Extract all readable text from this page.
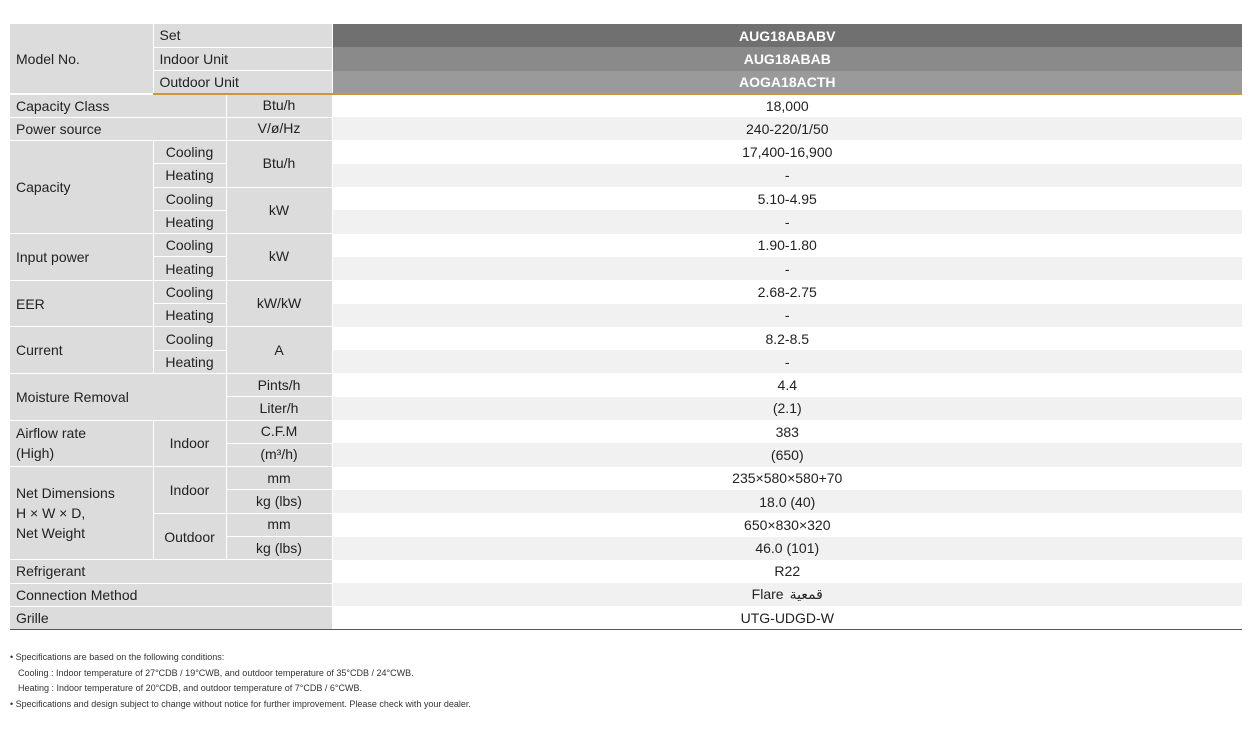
Model No.	Set		AUG18ABABV
	Indoor Unit		AUG18ABAB
	Outdoor Unit		AOGA18ACTH
Capacity Class		Btu/h	18,000
Power source		V/ø/Hz	240-220/1/50
Capacity	Cooling	Btu/h	17,400-16,900
	Heating		-
	Cooling	kW	5.10-4.95
	Heating		-
Input power	Cooling	kW	1.90-1.80
	Heating		-
EER	Cooling	kW/kW	2.68-2.75
	Heating		-
Current	Cooling	A	8.2-8.5
	Heating		-
Moisture Removal		Pints/h	4.4
		Liter/h	(2.1)

Airflow rate
(High)	Indoor	C.F.M	383
		(m³/h)	(650)

Net Dimensions
H × W × D,
Net Weight	Indoor	mm	235×580×580+70
		kg (lbs)	18.0 (40)
	Outdoor	mm	650×830×320
		kg (lbs)	46.0 (101)
Refrigerant			R22
Connection Method			Flare قمعية
Grille			UTG-UDGD-W
• Specifications are based on the following conditions:
Cooling : Indoor temperature of 27°CDB / 19°CWB, and outdoor temperature of 35°CDB / 24°CWB.
Heating : Indoor temperature of 20°CDB, and outdoor temperature of 7°CDB / 6°CWB.
• Specifications and design subject to change without notice for further improvement. Please check with your dealer.
